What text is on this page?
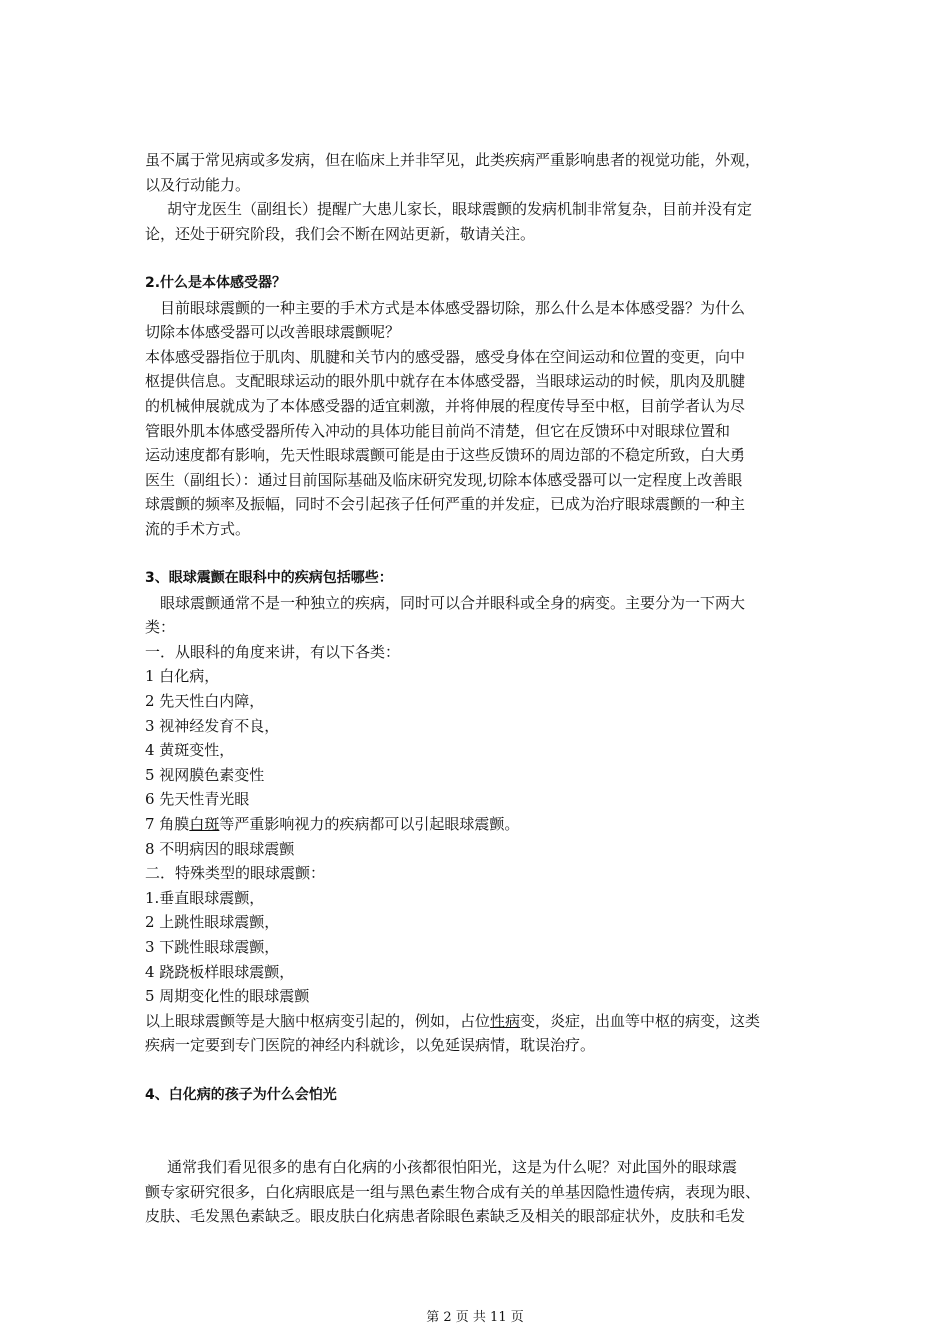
虽不属于常见病或多发病，但在临床上并非罕见，此类疾病严重影响患者的视觉功能，外观，
以及行动能力。
胡守龙医生（副组长）提醒广大患儿家长，眼球震颤的发病机制非常复杂，目前并没有定
论，还处于研究阶段，我们会不断在网站更新，敬请关注。
2.什么是本体感受器？
目前眼球震颤的一种主要的手术方式是本体感受器切除，那么什么是本体感受器？为什么
切除本体感受器可以改善眼球震颤呢？
本体感受器指位于肌肉、肌腱和关节内的感受器，感受身体在空间运动和位置的变更，向中
枢提供信息。支配眼球运动的眼外肌中就存在本体感受器，当眼球运动的时候，肌肉及肌腱
的机械伸展就成为了本体感受器的适宜刺激，并将伸展的程度传导至中枢，目前学者认为尽
管眼外肌本体感受器所传入冲动的具体功能目前尚不清楚，但它在反馈环中对眼球位置和
运动速度都有影响，先天性眼球震颤可能是由于这些反馈环的周边部的不稳定所致，白大勇
医生（副组长）：通过目前国际基础及临床研究发现,切除本体感受器可以一定程度上改善眼
球震颤的频率及振幅，同时不会引起孩子任何严重的并发症，已成为治疗眼球震颤的一种主
流的手术方式。
3、眼球震颤在眼科中的疾病包括哪些：
眼球震颤通常不是一种独立的疾病，同时可以合并眼科或全身的病变。主要分为一下两大
类：
一．从眼科的角度来讲，有以下各类：
1 白化病，
2 先天性白内障，
3 视神经发育不良，
4 黄斑变性，
5 视网膜色素变性
6 先天性青光眼
7 角膜白斑等严重影响视力的疾病都可以引起眼球震颤。
8 不明病因的眼球震颤
二．特殊类型的眼球震颤：
1.垂直眼球震颤，
2 上跳性眼球震颤，
3 下跳性眼球震颤，
4 跷跷板样眼球震颤，
5 周期变化性的眼球震颤
以上眼球震颤等是大脑中枢病变引起的，例如，占位性病变，炎症，出血等中枢的病变，这类
疾病一定要到专门医院的神经内科就诊，以免延误病情，耽误治疗。
4、白化病的孩子为什么会怕光
通常我们看见很多的患有白化病的小孩都很怕阳光，这是为什么呢？对此国外的眼球震
颤专家研究很多，白化病眼底是一组与黑色素生物合成有关的单基因隐性遗传病，表现为眼、
皮肤、毛发黑色素缺乏。眼皮肤白化病患者除眼色素缺乏及相关的眼部症状外，皮肤和毛发
第 2 页 共 11 页
